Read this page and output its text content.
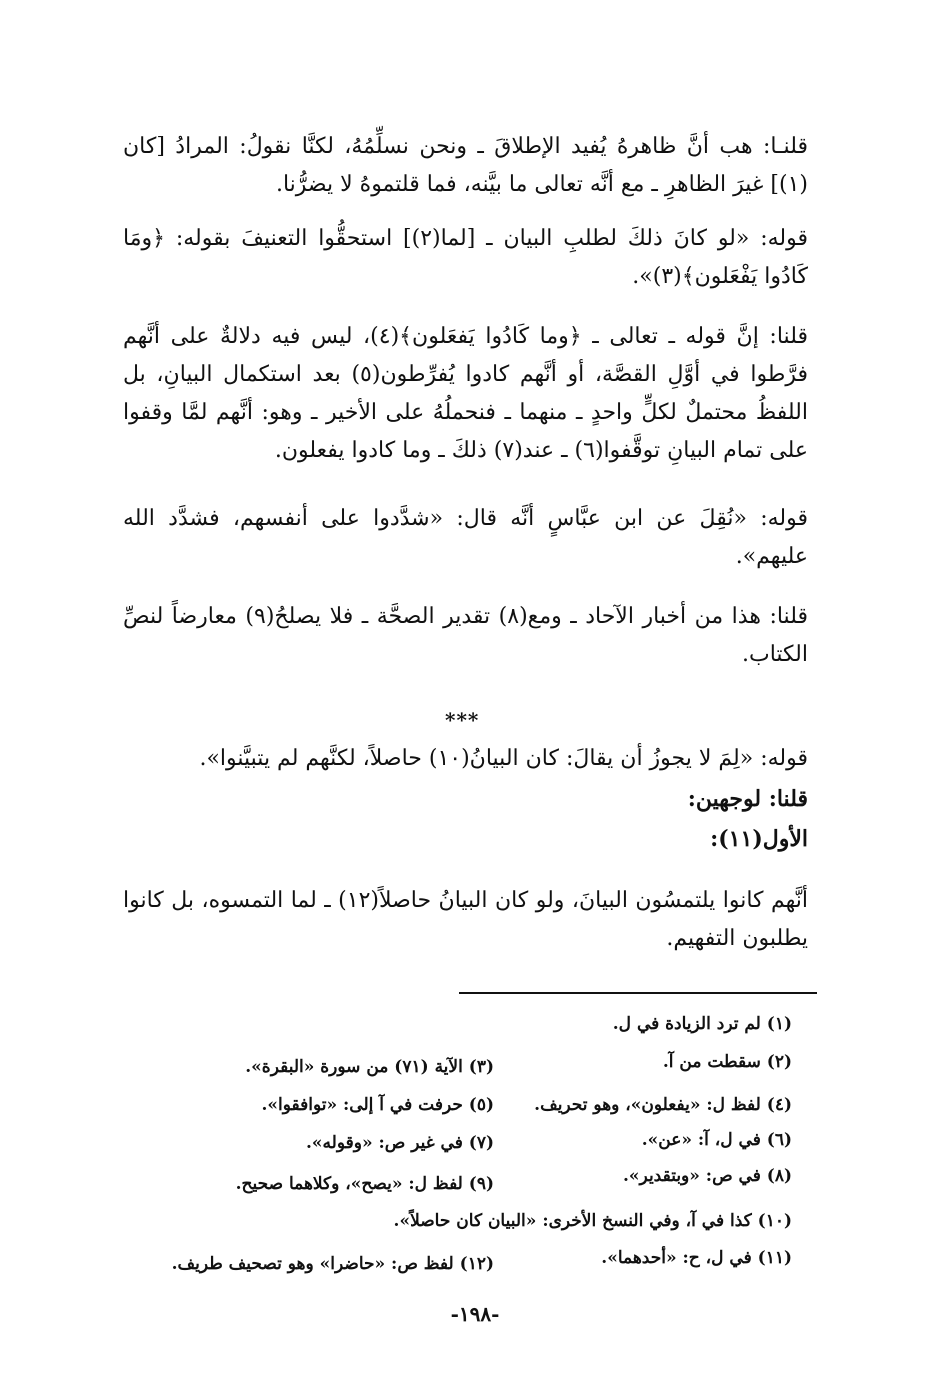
قلنـا: هب أنَّ ظاهرهُ يُفيد الإطلاقَ ـ ونحن نسلِّمُهُ، لكنَّا نقولُ: المرادُ [كان (١)] غيرَ الظاهرِ ـ مع أنَّه تعالى ما بيَّنه، فما قلتموهُ لا يضرُّنا.
قوله: «لو كانَ ذلكَ لطلبِ البيان ـ [لما(٢)] استحقُّوا التعنيفَ بقوله: ﴿ومَا كَادُوا يَفْعَلون﴾(٣)».
قلنا: إنَّ قوله ـ تعالى ـ ﴿وما كَادُوا يَفعَلون﴾(٤)، ليس فيه دلالةٌ على أنَّهم فرَّطوا في أوَّلِ القصَّة، أو أنَّهم كادوا يُفرِّطون(٥) بعد استكمال البيانِ، بل اللفظُ محتملٌ لكلٍّ واحدٍ ـ منهما ـ فنحملُهُ على الأخير ـ وهو: أنَّهم لمَّا وقفوا على تمام البيانِ توقَّفوا(٦) ـ عند(٧) ذلكَ ـ وما كادوا يفعلون.
قوله: «نُقِلَ عن ابن عبَّاسٍ أنَّه قال: «شدَّدوا على أنفسهم، فشدَّد الله عليهم».
قلنا: هذا من أخبار الآحاد ـ ومع(٨) تقدير الصحَّة ـ فلا يصلحُ(٩) معارضاً لنصِّ الكتاب.
***
قوله: «لِمَ لا يجوزُ أن يقالَ: كان البيانُ(١٠) حاصلاً، لكنَّهم لم يتبيَّنوا».
قلنا: لوجهين:
الأول(١١):
أنَّهم كانوا يلتمسُون البيانَ، ولو كان البيانُ حاصلاً(١٢) ـ لما التمسوه، بل كانوا يطلبون التفهيم.
(١) لم ترد الزيادة في ل.
(٢) سقطت من آ.
(٣) الآية (٧١) من سورة «البقرة».
(٤) لفظ ل: «يفعلون»، وهو تحريف.
(٥) حرفت في آ إلى: «توافقوا».
(٦) في ل، آ: «عن».
(٧) في غير ص: «وقوله».
(٨) في ص: «وبتقدير».
(٩) لفظ ل: «يصح»، وكلاهما صحيح.
(١٠) كذا في آ، وفي النسخ الأخرى: «البيان كان حاصلاً».
(١١) في ل، ح: «أحدهما».
(١٢) لفظ ص: «حاضرا» وهو تصحيف طريف.
-١٩٨-
